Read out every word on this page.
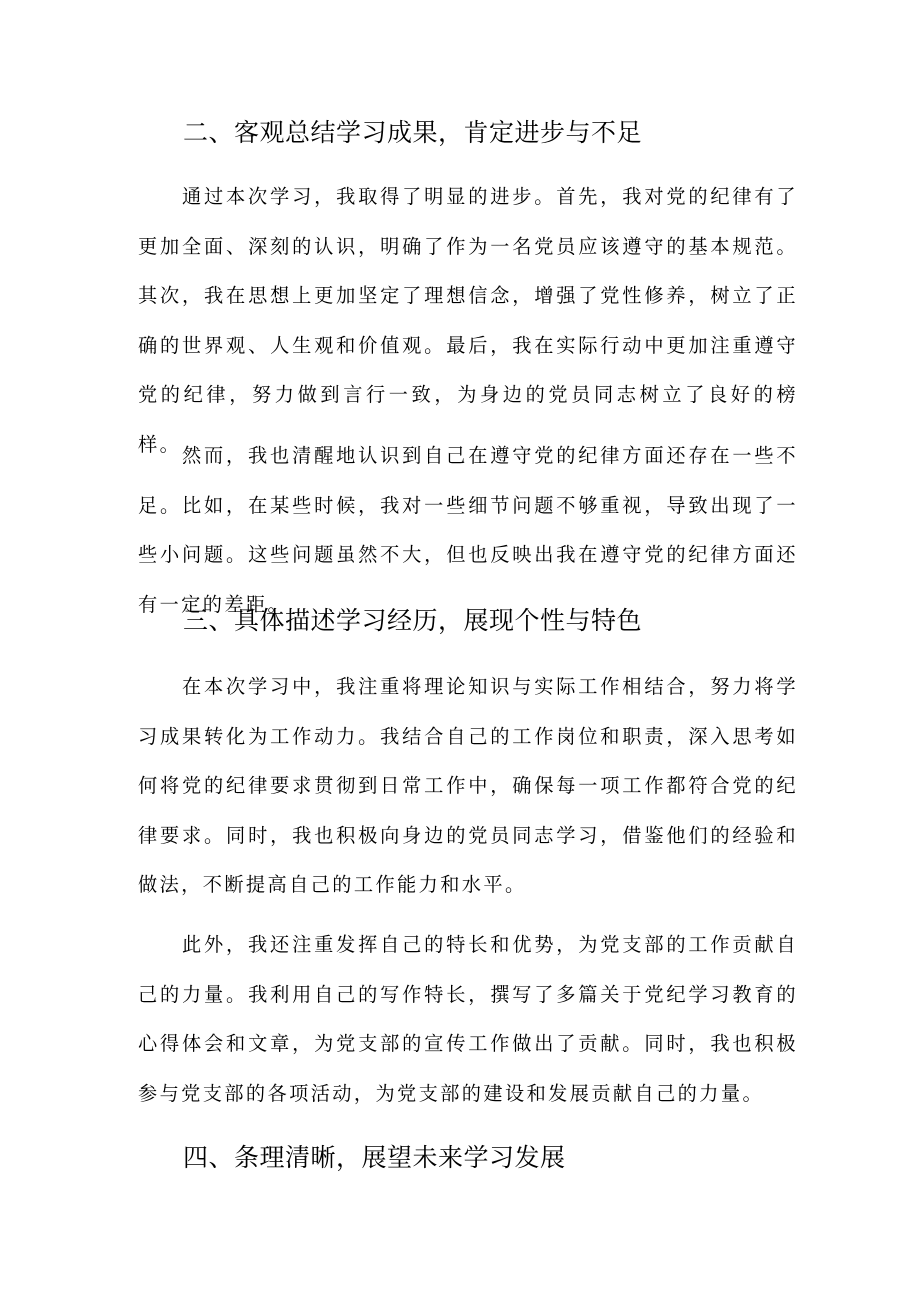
二、客观总结学习成果，肯定进步与不足

通过本次学习，我取得了明显的进步。首先，我对党的纪律有了更加全面、深刻的认识，明确了作为一名党员应该遵守的基本规范。其次，我在思想上更加坚定了理想信念，增强了党性修养，树立了正确的世界观、人生观和价值观。最后，我在实际行动中更加注重遵守党的纪律，努力做到言行一致，为身边的党员同志树立了良好的榜样。 然而，我也清醒地认识到自己在遵守党的纪律方面还存在一些不足。比如，在某些时候，我对一些细节问题不够重视，导致出现了一些小问题。这些问题虽然不大，但也反映出我在遵守党的纪律方面还有一定的差距。

三、具体描述学习经历，展现个性与特色

在本次学习中，我注重将理论知识与实际工作相结合，努力将学习成果转化为工作动力。我结合自己的工作岗位和职责，深入思考如何将党的纪律要求贯彻到日常工作中，确保每一项工作都符合党的纪律要求。同时，我也积极向身边的党员同志学习，借鉴他们的经验和做法，不断提高自己的工作能力和水平。

此外，我还注重发挥自己的特长和优势，为党支部的工作贡献自己的力量。我利用自己的写作特长，撰写了多篇关于党纪学习教育的心得体会和文章，为党支部的宣传工作做出了贡献。同时，我也积极参与党支部的各项活动，为党支部的建设和发展贡献自己的力量。

四、条理清晰，展望未来学习发展
